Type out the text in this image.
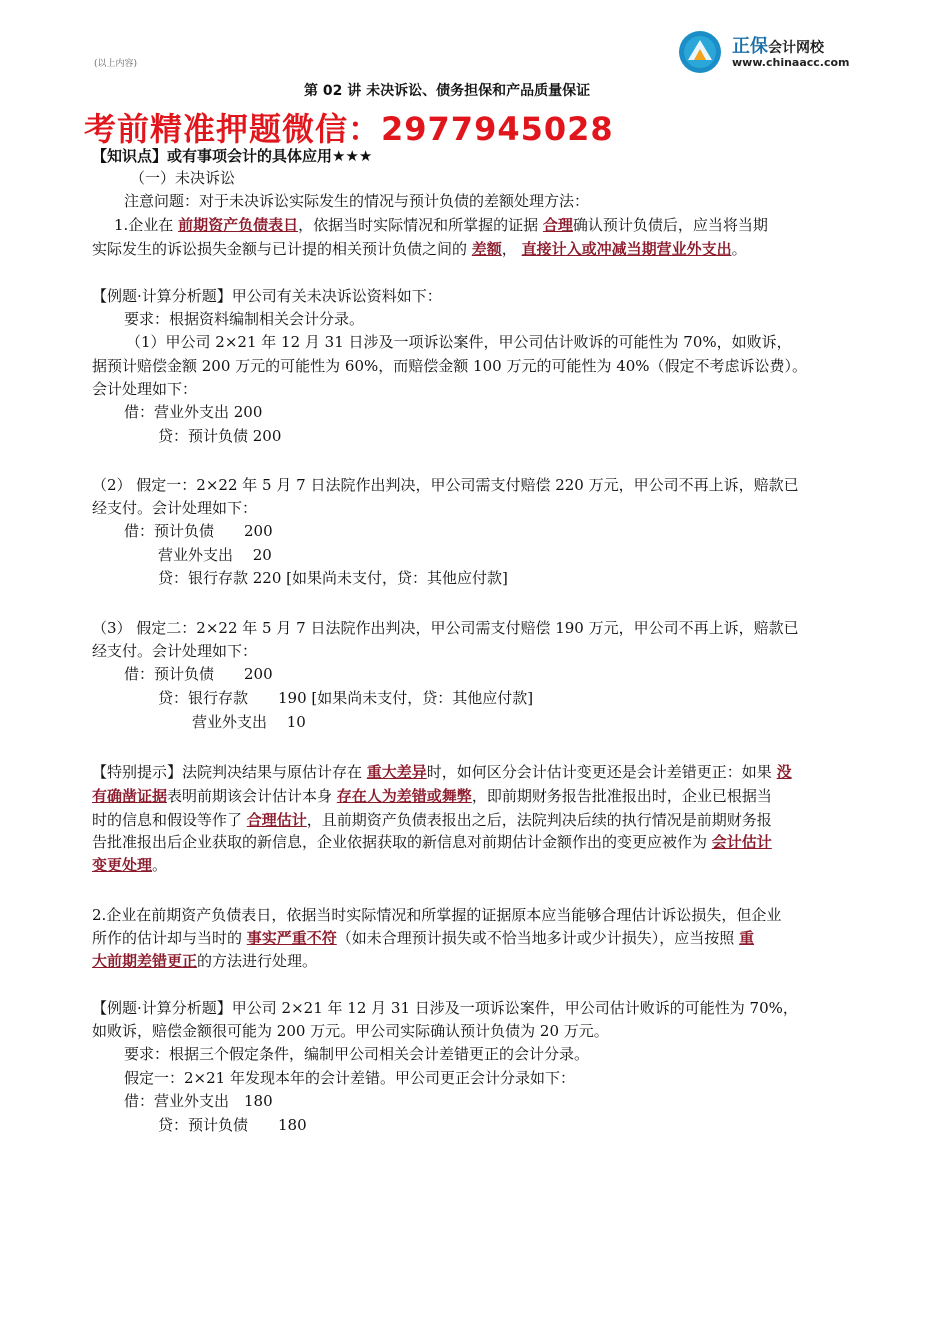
(以上内容)
正保会计网校
www.chinaacc.com
第 02 讲 未决诉讼、债务担保和产品质量保证
考前精准押题微信：2977945028
【知识点】或有事项会计的具体应用★★★
（一）未决诉讼
注意问题：对于未决诉讼实际发生的情况与预计负债的差额处理方法：
1.企业在 前期资产负债表日，依据当时实际情况和所掌握的证据 合理确认预计负债后，应当将当期
实际发生的诉讼损失金额与已计提的相关预计负债之间的 差额， 直接计入或冲减当期营业外支出。
【例题·计算分析题】甲公司有关未决诉讼资料如下：
要求：根据资料编制相关会计分录。
（1）甲公司 2×21 年 12 月 31 日涉及一项诉讼案件，甲公司估计败诉的可能性为 70%，如败诉，
据预计赔偿金额 200 万元的可能性为 60%，而赔偿金额 100 万元的可能性为 40%（假定不考虑诉讼费）。
会计处理如下：
借：营业外支出 200
贷：预计负债 200
（2） 假定一：2×22 年 5 月 7 日法院作出判决，甲公司需支付赔偿 220 万元，甲公司不再上诉，赔款已
经支付。会计处理如下：
借：预计负债　　200
营业外支出　 20
贷：银行存款 220 [如果尚未支付，贷：其他应付款]
（3） 假定二：2×22 年 5 月 7 日法院作出判决，甲公司需支付赔偿 190 万元，甲公司不再上诉，赔款已
经支付。会计处理如下：
借：预计负债　　200
贷：银行存款　　190 [如果尚未支付，贷：其他应付款]
营业外支出　 10
【特别提示】法院判决结果与原估计存在 重大差异时，如何区分会计估计变更还是会计差错更正：如果 没
有确凿证据表明前期该会计估计本身 存在人为差错或舞弊，即前期财务报告批准报出时，企业已根据当
时的信息和假设等作了 合理估计，且前期资产负债表报出之后，法院判决后续的执行情况是前期财务报
告批准报出后企业获取的新信息，企业依据获取的新信息对前期估计金额作出的变更应被作为 会计估计
变更处理。
2.企业在前期资产负债表日，依据当时实际情况和所掌握的证据原本应当能够合理估计诉讼损失，但企业
所作的估计却与当时的 事实严重不符（如未合理预计损失或不恰当地多计或少计损失），应当按照 重
大前期差错更正的方法进行处理。
【例题·计算分析题】甲公司 2×21 年 12 月 31 日涉及一项诉讼案件，甲公司估计败诉的可能性为 70%，
如败诉，赔偿金额很可能为 200 万元。甲公司实际确认预计负债为 20 万元。
要求：根据三个假定条件，编制甲公司相关会计差错更正的会计分录。
假定一：2×21 年发现本年的会计差错。甲公司更正会计分录如下：
借：营业外支出　180
贷：预计负债　　180
